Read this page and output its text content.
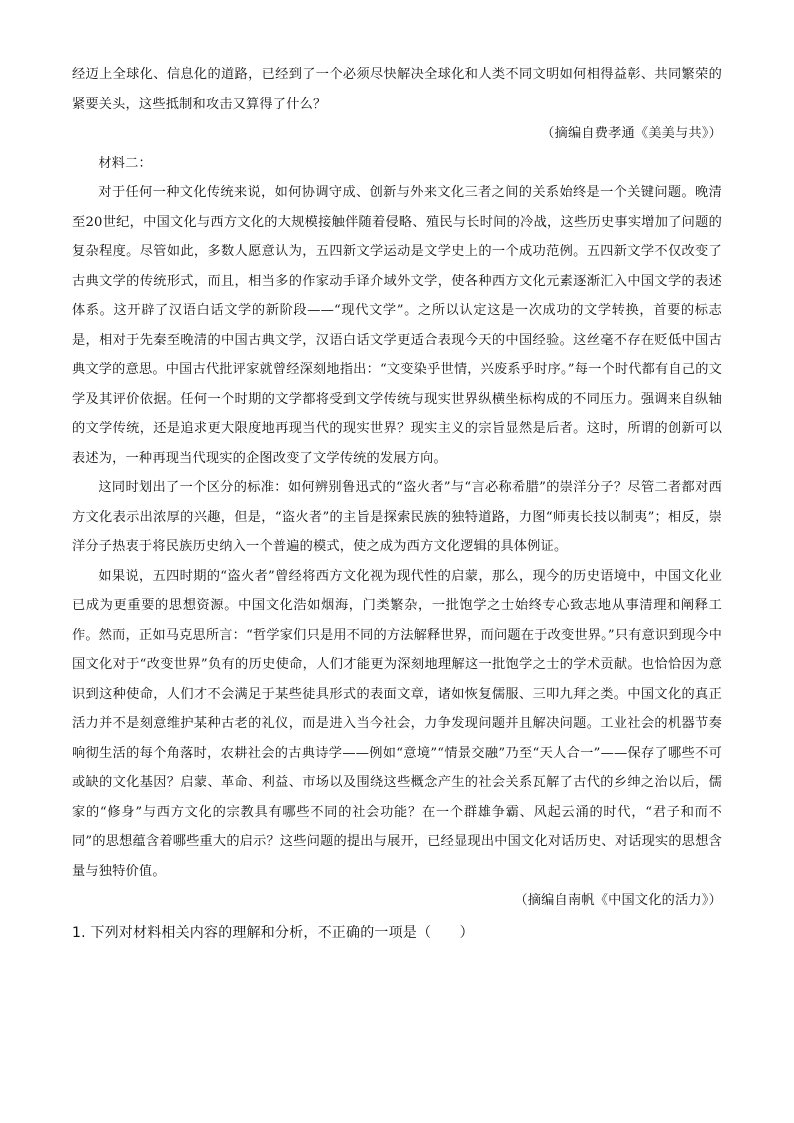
经迈上全球化、信息化的道路，已经到了一个必须尽快解决全球化和人类不同文明如何相得益彰、共同繁荣的紧要关头，这些抵制和攻击又算得了什么？

（摘编自费孝通《美美与共》）

材料二：

对于任何一种文化传统来说，如何协调守成、创新与外来文化三者之间的关系始终是一个关键问题。晚清至20世纪，中国文化与西方文化的大规模接触伴随着侵略、殖民与长时间的冷战，这些历史事实增加了问题的复杂程度。尽管如此，多数人愿意认为，五四新文学运动是文学史上的一个成功范例。五四新文学不仅改变了古典文学的传统形式，而且，相当多的作家动手译介域外文学，使各种西方文化元素逐渐汇入中国文学的表述体系。这开辟了汉语白话文学的新阶段——“现代文学”。之所以认定这是一次成功的文学转换，首要的标志是，相对于先秦至晚清的中国古典文学，汉语白话文学更适合表现今天的中国经验。这丝毫不存在贬低中国古典文学的意思。中国古代批评家就曾经深刻地指出：“文变染乎世情，兴废系乎时序。”每一个时代都有自己的文学及其评价依据。任何一个时期的文学都将受到文学传统与现实世界纵横坐标构成的不同压力。强调来自纵轴的文学传统，还是追求更大限度地再现当代的现实世界？现实主义的宗旨显然是后者。这时，所谓的创新可以表述为，一种再现当代现实的企图改变了文学传统的发展方向。

这同时划出了一个区分的标准：如何辨别鲁迅式的“盗火者”与“言必称希腊”的崇洋分子？尽管二者都对西方文化表示出浓厚的兴趣，但是，“盗火者”的主旨是探索民族的独特道路，力图“师夷长技以制夷”；相反，崇洋分子热衷于将民族历史纳入一个普遍的模式，使之成为西方文化逻辑的具体例证。

如果说，五四时期的“盗火者”曾经将西方文化视为现代性的启蒙，那么，现今的历史语境中，中国文化业已成为更重要的思想资源。中国文化浩如烟海，门类繁杂，一批饱学之士始终专心致志地从事清理和阐释工作。然而，正如马克思所言：“哲学家们只是用不同的方法解释世界，而问题在于改变世界。”只有意识到现今中国文化对于“改变世界”负有的历史使命，人们才能更为深刻地理解这一批饱学之士的学术贡献。也恰恰因为意识到这种使命，人们才不会满足于某些徒具形式的表面文章，诸如恢复儒服、三叩九拜之类。中国文化的真正活力并不是刻意维护某种古老的礼仪，而是进入当今社会，力争发现问题并且解决问题。工业社会的机器节奏响彻生活的每个角落时，农耕社会的古典诗学——例如“意境”“情景交融”乃至“天人合一”——保存了哪些不可或缺的文化基因？启蒙、革命、利益、市场以及围绕这些概念产生的社会关系瓦解了古代的乡绅之治以后，儒家的“修身”与西方文化的宗教具有哪些不同的社会功能？在一个群雄争霸、风起云涌的时代，“君子和而不同”的思想蕴含着哪些重大的启示？这些问题的提出与展开，已经显现出中国文化对话历史、对话现实的思想含量与独特价值。

（摘编自南帆《中国文化的活力》）

1. 下列对材料相关内容的理解和分析，不正确的一项是（　　）
